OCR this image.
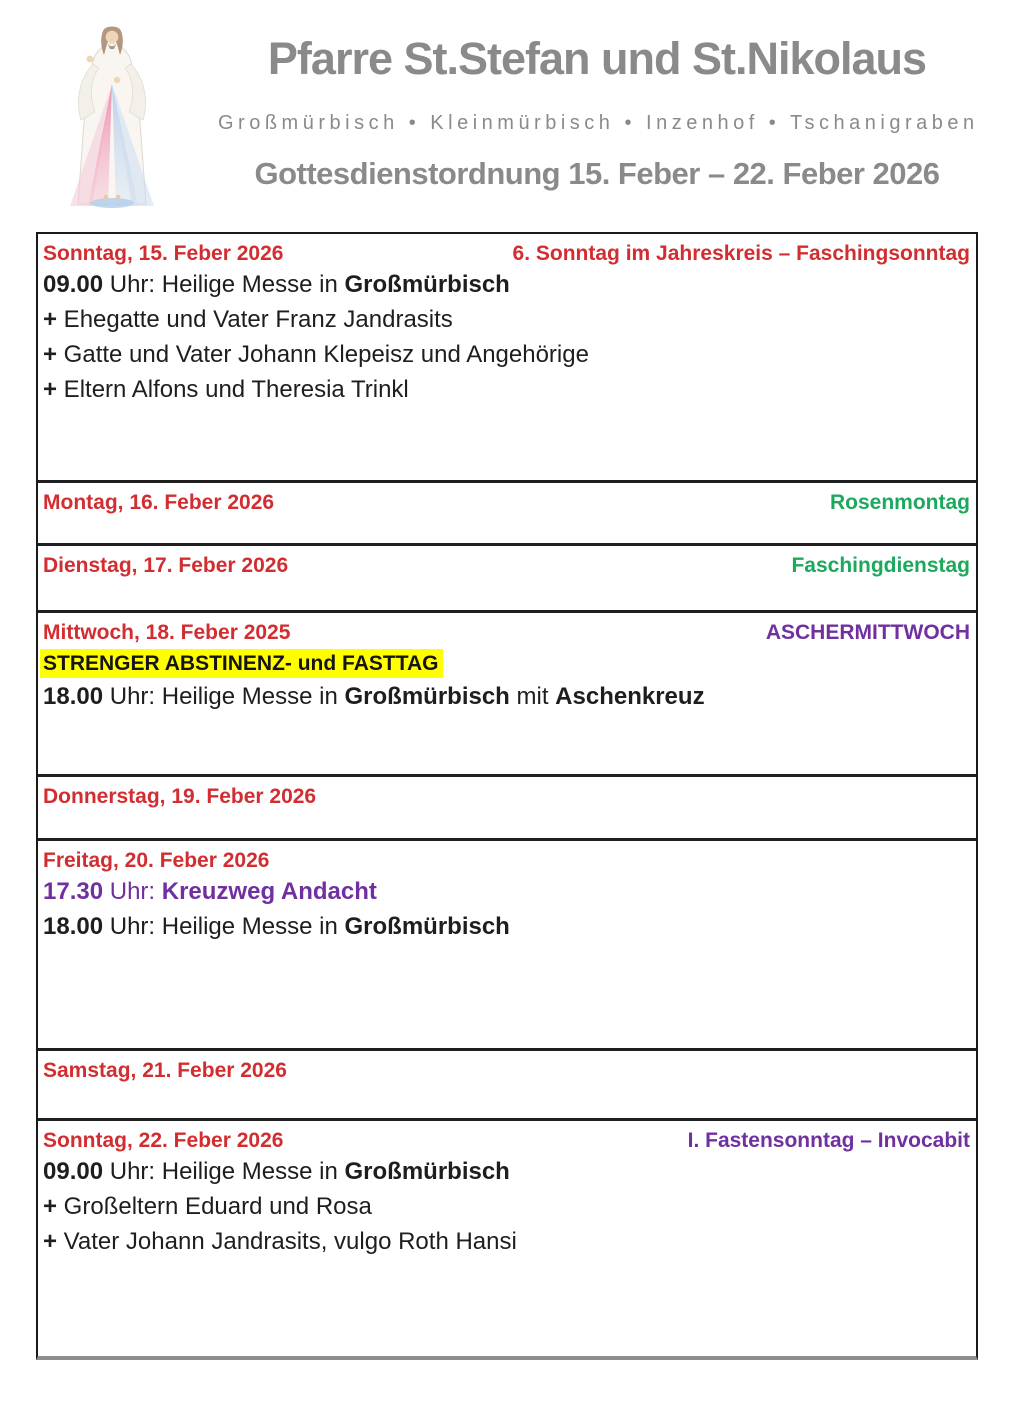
Pfarre St.Stefan und St.Nikolaus
Großmürbisch • Kleinmürbisch • Inzenhof • Tschanigraben
Gottesdienstordnung 15. Feber – 22. Feber 2026
Sonntag, 15. Feber 2026	6. Sonntag im Jahreskreis – Faschingsonntag
09.00 Uhr: Heilige Messe in Großmürbisch
+ Ehegatte und Vater Franz Jandrasits
+ Gatte und Vater Johann Klepeisz und Angehörige
+ Eltern Alfons und Theresia Trinkl
Montag, 16. Feber 2026	Rosenmontag
Dienstag, 17. Feber 2026	Faschingdienstag
Mittwoch, 18. Feber 2025	ASCHERMITTWOCH
STRENGER ABSTINENZ- und FASTTAG
18.00 Uhr: Heilige Messe in Großmürbisch mit Aschenkreuz
Donnerstag, 19. Feber 2026
Freitag, 20. Feber 2026
17.30 Uhr: Kreuzweg Andacht
18.00 Uhr: Heilige Messe in Großmürbisch
Samstag, 21. Feber 2026
Sonntag, 22. Feber 2026	I. Fastensonntag – Invocabit
09.00 Uhr: Heilige Messe in Großmürbisch
+ Großeltern Eduard und Rosa
+ Vater Johann Jandrasits, vulgo Roth Hansi
